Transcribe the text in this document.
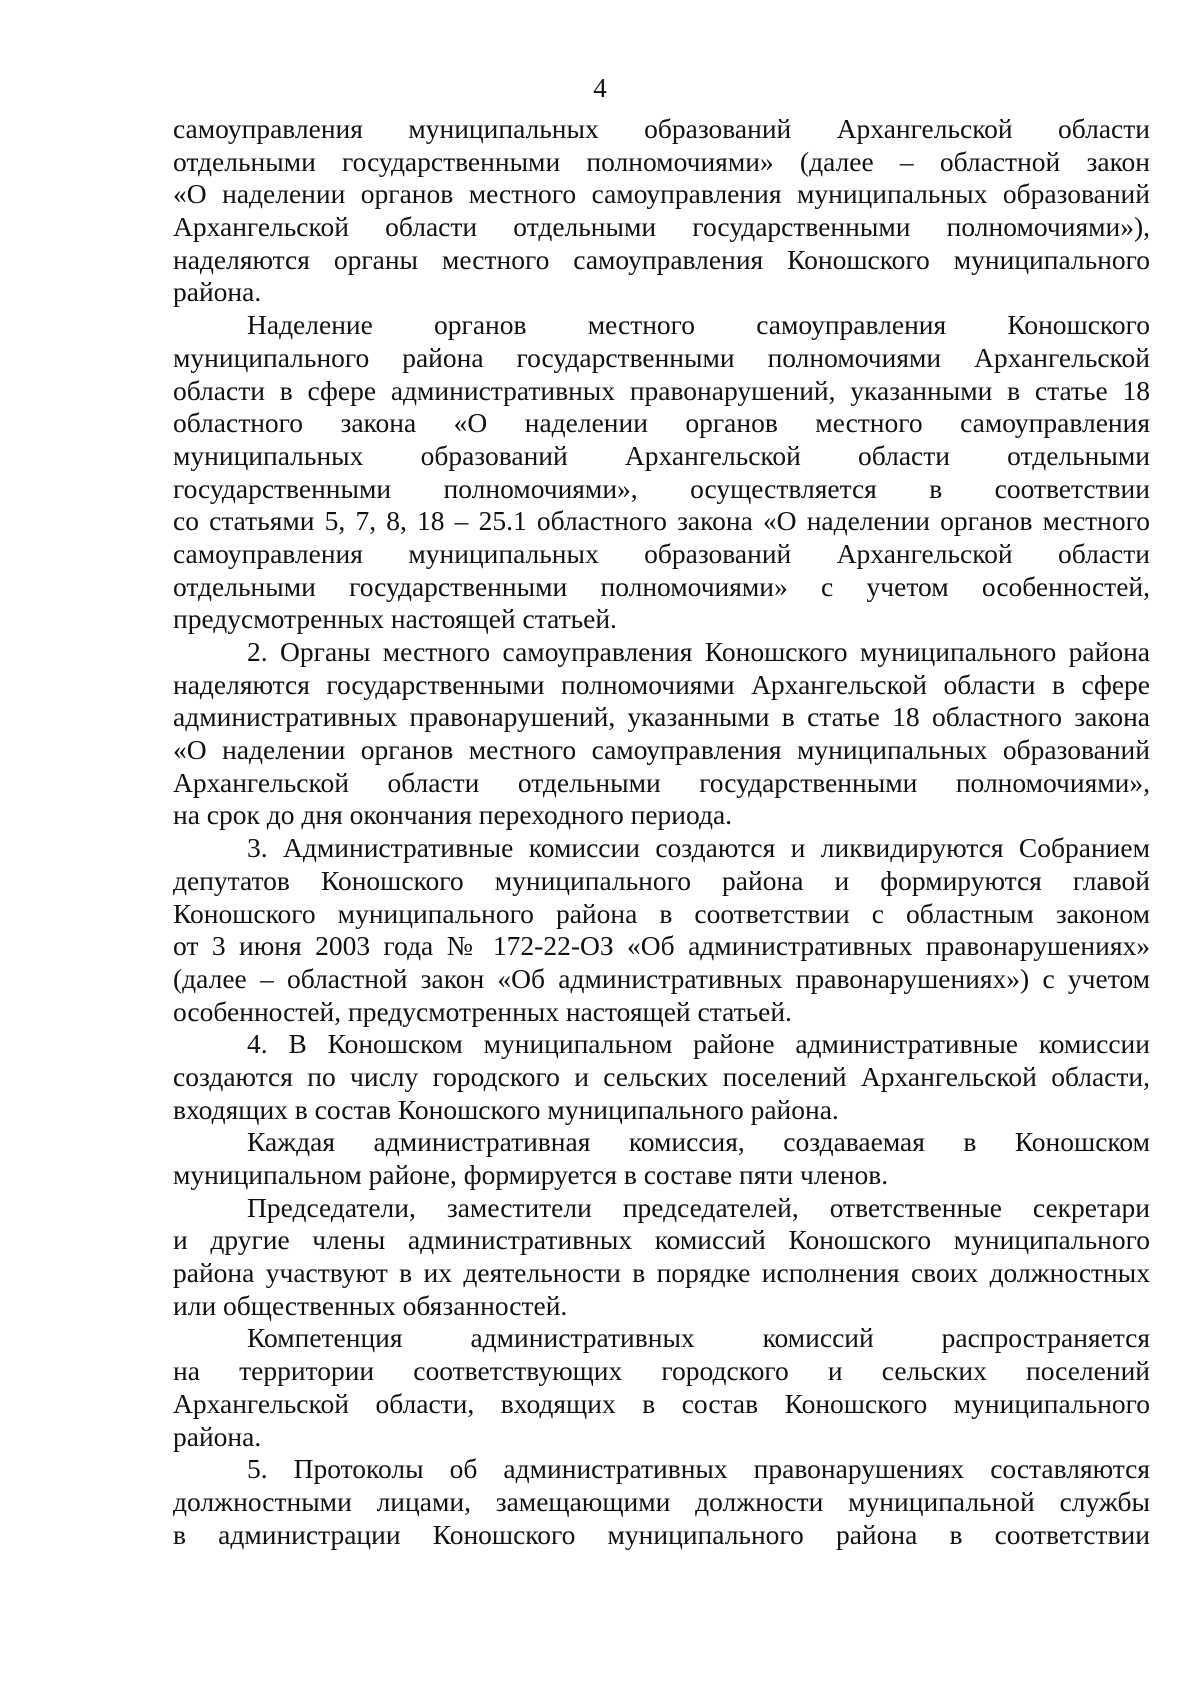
4
самоуправления муниципальных образований Архангельской области
отдельными государственными полномочиями» (далее – областной закон
«О наделении органов местного самоуправления муниципальных образований
Архангельской области отдельными государственными полномочиями»),
наделяются органы местного самоуправления Коношского муниципального
района.
Наделение органов местного самоуправления Коношского
муниципального района государственными полномочиями Архангельской
области в сфере административных правонарушений, указанными в статье 18
областного закона «О наделении органов местного самоуправления
муниципальных образований Архангельской области отдельными
государственными полномочиями», осуществляется в соответствии
со статьями 5, 7, 8, 18 – 25.1 областного закона «О наделении органов местного
самоуправления муниципальных образований Архангельской области
отдельными государственными полномочиями» с учетом особенностей,
предусмотренных настоящей статьей.
2. Органы местного самоуправления Коношского муниципального района
наделяются государственными полномочиями Архангельской области в сфере
административных правонарушений, указанными в статье 18 областного закона
«О наделении органов местного самоуправления муниципальных образований
Архангельской области отдельными государственными полномочиями»,
на срок до дня окончания переходного периода.
3. Административные комиссии создаются и ликвидируются Собранием
депутатов Коношского муниципального района и формируются главой
Коношского муниципального района в соответствии с областным законом
от 3 июня 2003 года № 172-22-ОЗ «Об административных правонарушениях»
(далее – областной закон «Об административных правонарушениях») с учетом
особенностей, предусмотренных настоящей статьей.
4. В Коношском муниципальном районе административные комиссии
создаются по числу городского и сельских поселений Архангельской области,
входящих в состав Коношского муниципального района.
Каждая административная комиссия, создаваемая в Коношском
муниципальном районе, формируется в составе пяти членов.
Председатели, заместители председателей, ответственные секретари
и другие члены административных комиссий Коношского муниципального
района участвуют в их деятельности в порядке исполнения своих должностных
или общественных обязанностей.
Компетенция административных комиссий распространяется
на территории соответствующих городского и сельских поселений
Архангельской области, входящих в состав Коношского муниципального
района.
5. Протоколы об административных правонарушениях составляются
должностными лицами, замещающими должности муниципальной службы
в администрации Коношского муниципального района в соответствии
